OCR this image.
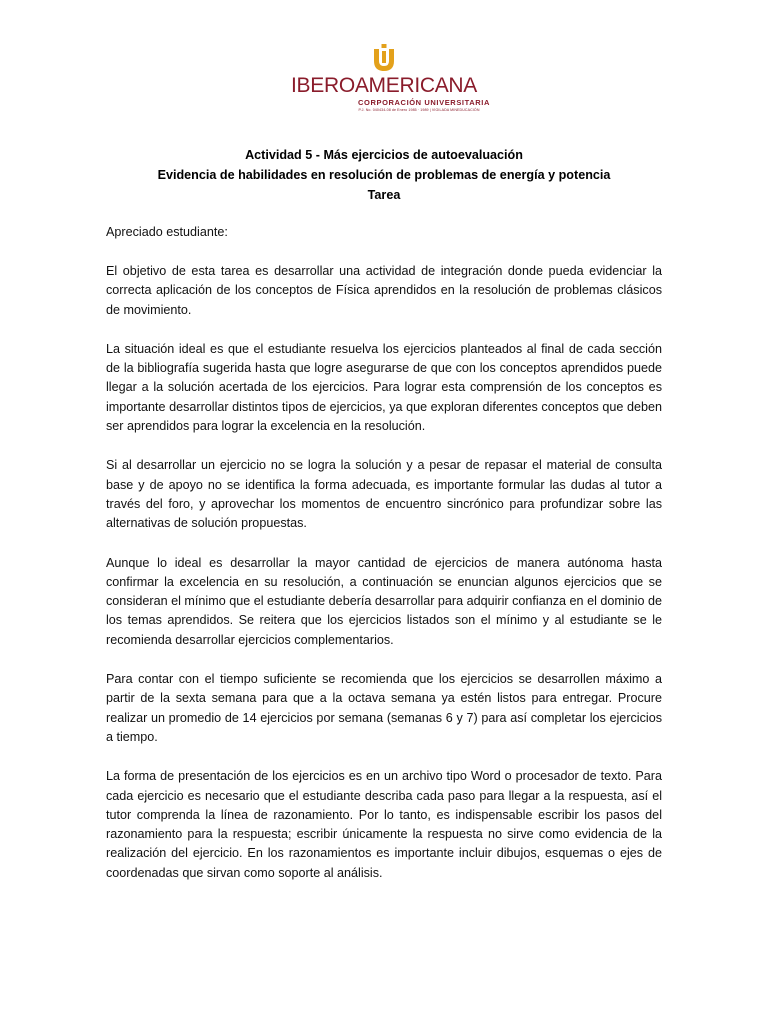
IBEROAMERICANA
CORPORACIÓN UNIVERSITARIA
P.J. No. 040434-08 de Enero 1985 · 1989 | VIGILADA MINEDUCACIÓN
Actividad 5 - Más ejercicios de autoevaluación
Evidencia de habilidades en resolución de problemas de energía y potencia
Tarea

Apreciado estudiante:

El objetivo de esta tarea es desarrollar una actividad de integración donde pueda evidenciar la correcta aplicación de los conceptos de Física aprendidos en la resolución de problemas clásicos de movimiento.

La situación ideal es que el estudiante resuelva los ejercicios planteados al final de cada sección de la bibliografía sugerida hasta que logre asegurarse de que con los conceptos aprendidos puede llegar a la solución acertada de los ejercicios. Para lograr esta comprensión de los conceptos es importante desarrollar distintos tipos de ejercicios, ya que exploran diferentes conceptos que deben ser aprendidos para lograr la excelencia en la resolución.

Si al desarrollar un ejercicio no se logra la solución y a pesar de repasar el material de consulta base y de apoyo no se identifica la forma adecuada, es importante formular las dudas al tutor a través del foro, y aprovechar los momentos de encuentro sincrónico para profundizar sobre las alternativas de solución propuestas.

Aunque lo ideal es desarrollar la mayor cantidad de ejercicios de manera autónoma hasta confirmar la excelencia en su resolución, a continuación se enuncian algunos ejercicios que se consideran el mínimo que el estudiante debería desarrollar para adquirir confianza en el dominio de los temas aprendidos. Se reitera que los ejercicios listados son el mínimo y al estudiante se le recomienda desarrollar ejercicios complementarios.

Para contar con el tiempo suficiente se recomienda que los ejercicios se desarrollen máximo a partir de la sexta semana para que a la octava semana ya estén listos para entregar. Procure realizar un promedio de 14 ejercicios por semana (semanas 6 y 7) para así completar los ejercicios a tiempo.

La forma de presentación de los ejercicios es en un archivo tipo Word o procesador de texto. Para cada ejercicio es necesario que el estudiante describa cada paso para llegar a la respuesta, así el tutor comprenda la línea de razonamiento. Por lo tanto, es indispensable escribir los pasos del razonamiento para la respuesta; escribir únicamente la respuesta no sirve como evidencia de la realización del ejercicio. En los razonamientos es importante incluir dibujos, esquemas o ejes de coordenadas que sirvan como soporte al análisis.
